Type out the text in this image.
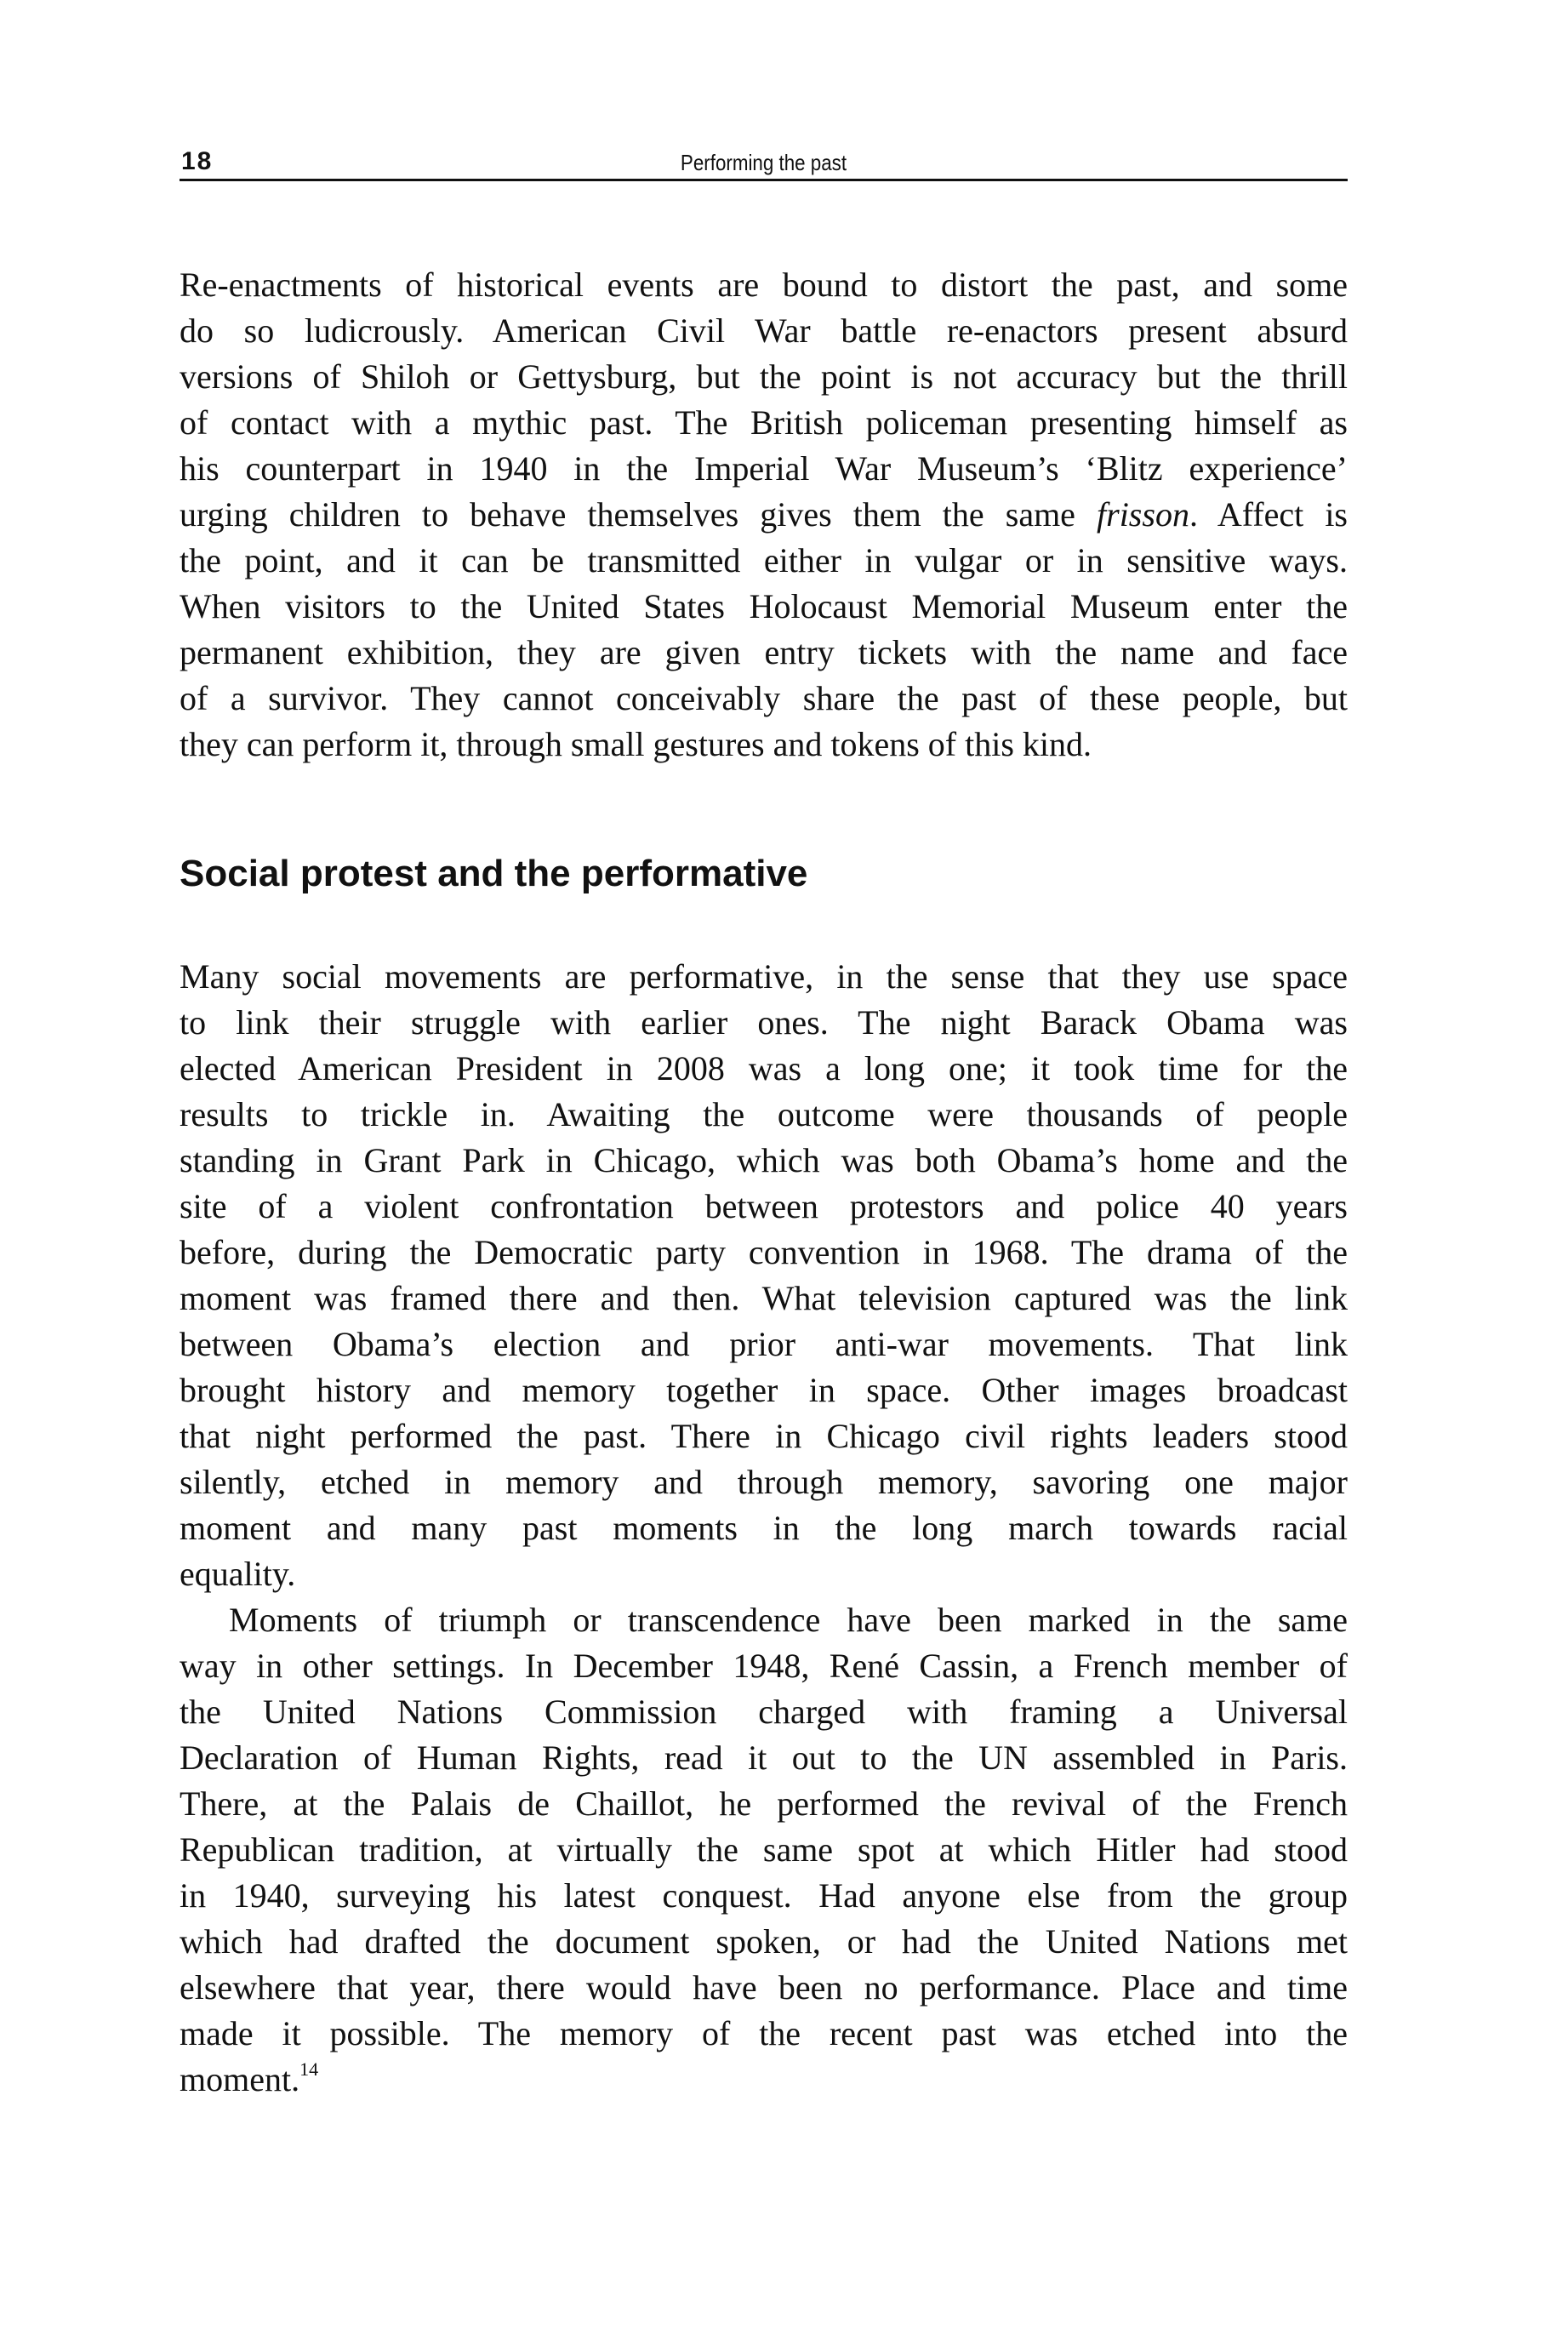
18	Performing the past
Re-enactments of historical events are bound to distort the past, and some
do so ludicrously. American Civil War battle re-enactors present absurd
versions of Shiloh or Gettysburg, but the point is not accuracy but the thrill
of contact with a mythic past. The British policeman presenting himself as
his counterpart in 1940 in the Imperial War Museum’s ‘Blitz experience’
urging children to behave themselves gives them the same frisson. Affect is
the point, and it can be transmitted either in vulgar or in sensitive ways.
When visitors to the United States Holocaust Memorial Museum enter the
permanent exhibition, they are given entry tickets with the name and face
of a survivor. They cannot conceivably share the past of these people, but
they can perform it, through small gestures and tokens of this kind.
Social protest and the performative
Many social movements are performative, in the sense that they use space
to link their struggle with earlier ones. The night Barack Obama was
elected American President in 2008 was a long one; it took time for the
results to trickle in. Awaiting the outcome were thousands of people
standing in Grant Park in Chicago, which was both Obama’s home and the
site of a violent confrontation between protestors and police 40 years
before, during the Democratic party convention in 1968. The drama of the
moment was framed there and then. What television captured was the link
between Obama’s election and prior anti-war movements. That link
brought history and memory together in space. Other images broadcast
that night performed the past. There in Chicago civil rights leaders stood
silently, etched in memory and through memory, savoring one major
moment and many past moments in the long march towards racial
equality.
Moments of triumph or transcendence have been marked in the same
way in other settings. In December 1948, René Cassin, a French member of
the United Nations Commission charged with framing a Universal
Declaration of Human Rights, read it out to the UN assembled in Paris.
There, at the Palais de Chaillot, he performed the revival of the French
Republican tradition, at virtually the same spot at which Hitler had stood
in 1940, surveying his latest conquest. Had anyone else from the group
which had drafted the document spoken, or had the United Nations met
elsewhere that year, there would have been no performance. Place and time
made it possible. The memory of the recent past was etched into the
moment.$^{14}$
